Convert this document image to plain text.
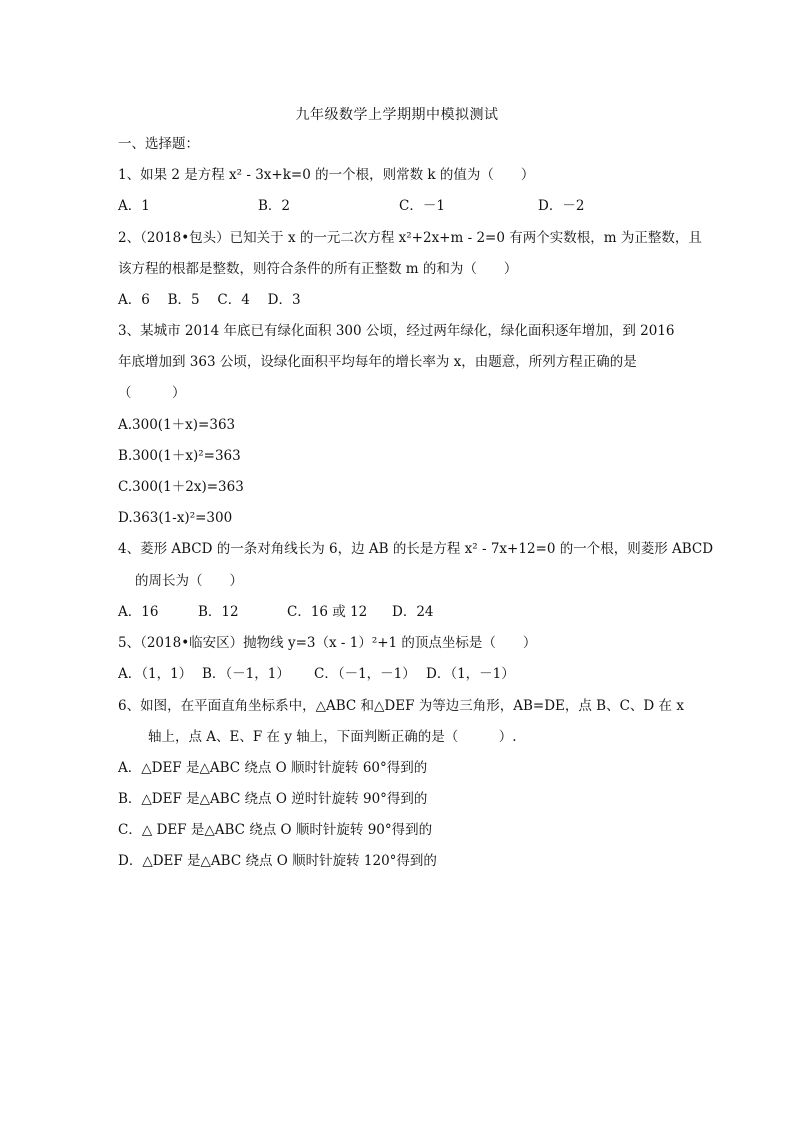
九年级数学上学期期中模拟测试
一、选择题：
1、如果 2 是方程 x² - 3x+k=0 的一个根，则常数 k 的值为（　　）
A．1	B．2	C．－1	D．－2
2、（2018•包头）已知关于 x 的一元二次方程 x²+2x+m - 2=0 有两个实数根，m 为正整数，且
该方程的根都是整数，则符合条件的所有正整数 m 的和为（　　）
A．6　 B．5　 C．4　 D．3
3、某城市 2014 年底已有绿化面积 300 公顷，经过两年绿化，绿化面积逐年增加，到 2016
年底增加到 363 公顷，设绿化面积平均每年的增长率为 x，由题意，所列方程正确的是
（　　　）
A.300(1＋x)=363
B.300(1＋x)²=363
C.300(1＋2x)=363
D.363(1-x)²=300
4、菱形 ABCD 的一条对角线长为 6，边 AB 的长是方程 x² - 7x+12=0 的一个根，则菱形 ABCD
的周长为（　　）
A．16	B．12	C．16 或 12 D．24
5、（2018•临安区）抛物线 y=3（x - 1）²+1 的顶点坐标是（　　）
A．（1，1） B．（－1，1） C．（－1，－1） D．（1，－1）
6、如图，在平面直角坐标系中，△ABC 和△DEF 为等边三角形，AB=DE，点 B、C、D 在 x
轴上，点 A、E、F 在 y 轴上，下面判断正确的是（　　　）.
A．△DEF 是△ABC 绕点 O 顺时针旋转 60°得到的
B．△DEF 是△ABC 绕点 O 逆时针旋转 90°得到的
C．△ DEF 是△ABC 绕点 O 顺时针旋转 90°得到的
D．△DEF 是△ABC 绕点 O 顺时针旋转 120°得到的
